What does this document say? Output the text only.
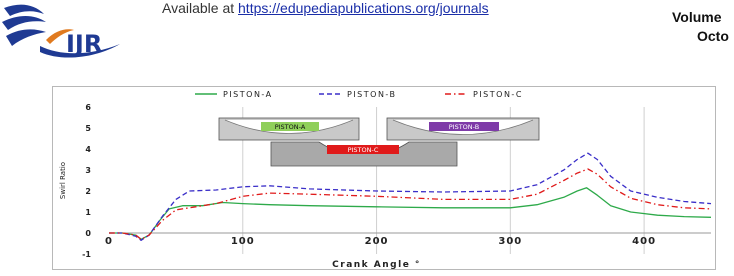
IJR
Available at https://edupediapublications.org/journals
Volume
Octo
-1
0
1
2
3
4
5
6
0	100	200	300	400
Crank Angle °
Swirl Ratio
PISTON-A	PISTON-B	PISTON-C
PISTON-A	PISTON-B
PISTON-C
